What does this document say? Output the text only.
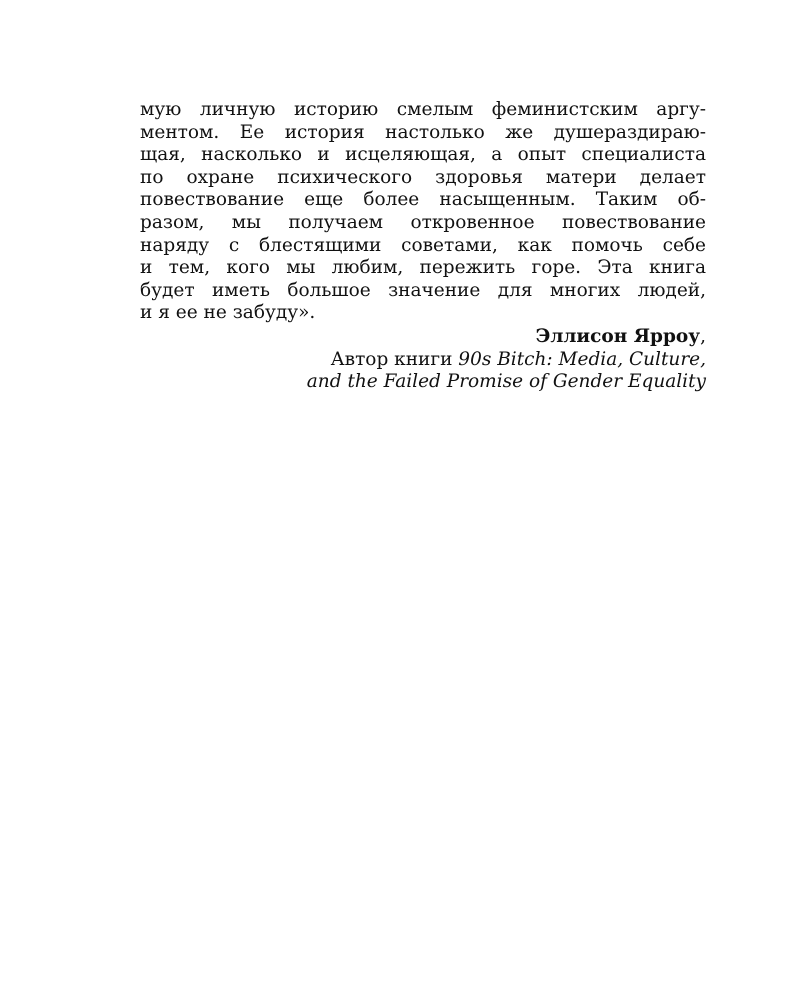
мую личную историю смелым феминистским аргу-
ментом. Ее история настолько же душераздираю-
щая, насколько и исцеляющая, а опыт специалиста
по охране психического здоровья матери делает
повествование еще более насыщенным. Таким об-
разом, мы получаем откровенное повествование
наряду с блестящими советами, как помочь себе
и тем, кого мы любим, пережить горе. Эта книга
будет иметь большое значение для многих людей,
и я ее не забуду».
Эллисон Ярроу,
Автор книги 90s Bitch: Media, Culture,
and the Failed Promise of Gender Equality
